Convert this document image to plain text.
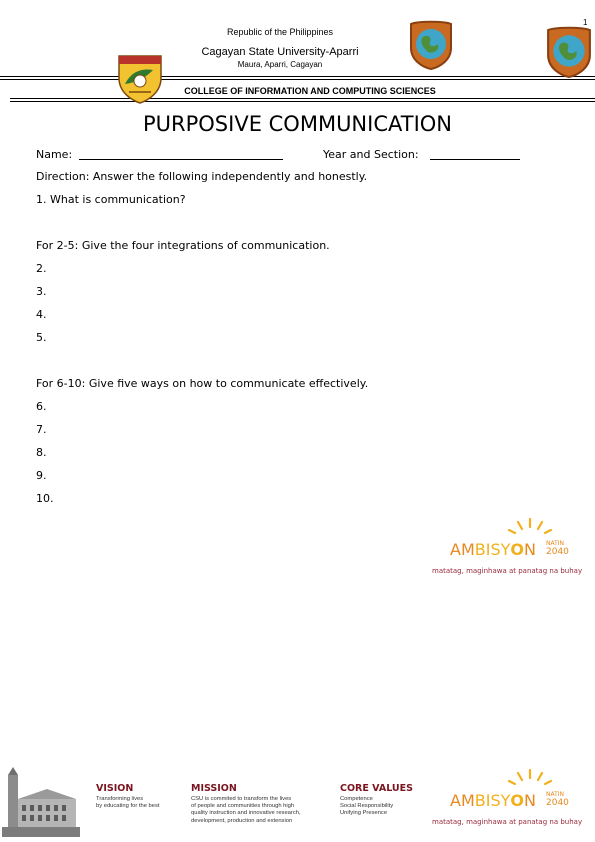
1
Republic of the Philippines
Cagayan State University-Aparri
Maura, Aparri, Cagayan
COLLEGE OF INFORMATION AND COMPUTING SCIENCES
PURPOSIVE COMMUNICATION
Name:	Year and Section:
Direction: Answer the following independently and honestly.
1. What is communication?
For 2-5: Give the four integrations of communication.
2.
3.
4.
5.
For 6-10: Give five ways on how to communicate effectively.
6.
7.
8.
9.
10.
AMBISYON NATIN
2040
matatag, maginhawa at panatag na buhay
VISION
Transforming lives
by educating for the best
MISSION
CSU is commited to transform the lives
of people and communities through high
quality instruction and innovative research,
development, production and extension
CORE VALUES
Competence
Social Responsibility
Unifying Presence
AMBISYON NATIN
2040
matatag, maginhawa at panatag na buhay
